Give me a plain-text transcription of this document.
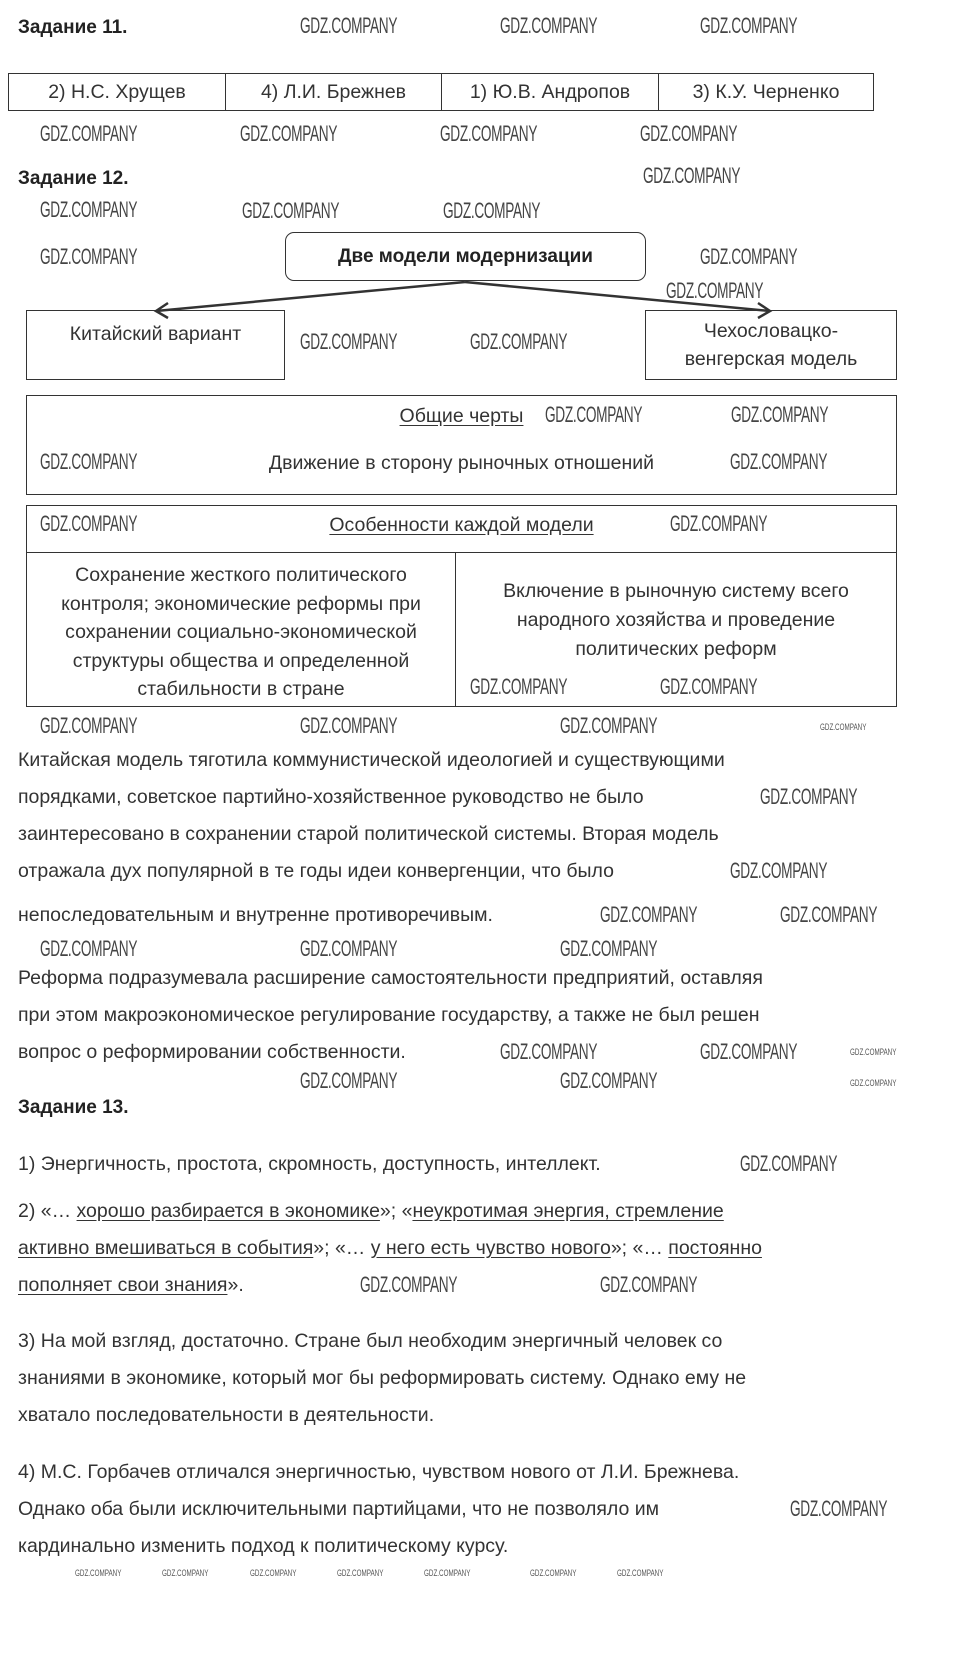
Задание 11.
2) Н.С. Хрущев	4) Л.И. Брежнев	1) Ю.В. Андропов	3) К.У. Черненко
Задание 12.
Две модели модернизации
Китайский вариант	Чехословацко-
венгерская модель
Общие черты
Движение в сторону рыночных отношений
Особенности каждой модели
Сохранение жесткого политического
контроля; экономические реформы при
сохранении социально-экономической
структуры общества и определенной
стабильности в стране
Включение в рыночную систему всего
народного хозяйства и проведение
политических реформ
Китайская модель тяготила коммунистической идеологией и существующими
порядками, советское партийно-хозяйственное руководство не было
заинтересовано в сохранении старой политической системы. Вторая модель
отражала дух популярной в те годы идеи конвергенции, что было
непоследовательным и внутренне противоречивым.
Реформа подразумевала расширение самостоятельности предприятий, оставляя
при этом макроэкономическое регулирование государству, а также не был решен
вопрос о реформировании собственности.
Задание 13.
1) Энергичность, простота, скромность, доступность, интеллект.
2) «… хорошо разбирается в экономике»; «неукротимая энергия, стремление
активно вмешиваться в события»; «… у него есть чувство нового»; «… постоянно
пополняет свои знания».
3) На мой взгляд, достаточно. Стране был необходим энергичный человек со
знаниями в экономике, который мог бы реформировать систему. Однако ему не
хватало последовательности в деятельности.
4) М.С. Горбачев отличался энергичностью, чувством нового от Л.И. Брежнева.
Однако оба были исключительными партийцами, что не позволяло им
кардинально изменить подход к политическому курсу.
GDZ.COMPANY	GDZ.COMPANY	GDZ.COMPANY
GDZ.COMPANY	GDZ.COMPANY	GDZ.COMPANY	GDZ.COMPANY
GDZ.COMPANY
GDZ.COMPANY	GDZ.COMPANY	GDZ.COMPANY
GDZ.COMPANY
GDZ.COMPANY	GDZ.COMPANY
GDZ.COMPANY	GDZ.COMPANY
GDZ.COMPANY	GDZ.COMPANY
GDZ.COMPANY	GDZ.COMPANY
GDZ.COMPANY
GDZ.COMPANY
GDZ.COMPANY	GDZ.COMPANY
GDZ.COMPANY	GDZ.COMPANY	GDZ.COMPANY
GDZ.COMPANY
GDZ.COMPANY
GDZ.COMPANY	GDZ.COMPANY
GDZ.COMPANY	GDZ.COMPANY	GDZ.COMPANY
GDZ.COMPANY	GDZ.COMPANY
GDZ.COMPANY	GDZ.COMPANY
GDZ.COMPANY
GDZ.COMPANY	GDZ.COMPANY
GDZ.COMPANY
GDZ.COMPANY
GDZ.COMPANY
GDZ.COMPANY
GDZ.COMPANY	GDZ.COMPANY	GDZ.COMPANY	GDZ.COMPANY	GDZ.COMPANY	GDZ.COMPANY	GDZ.COMPANY
